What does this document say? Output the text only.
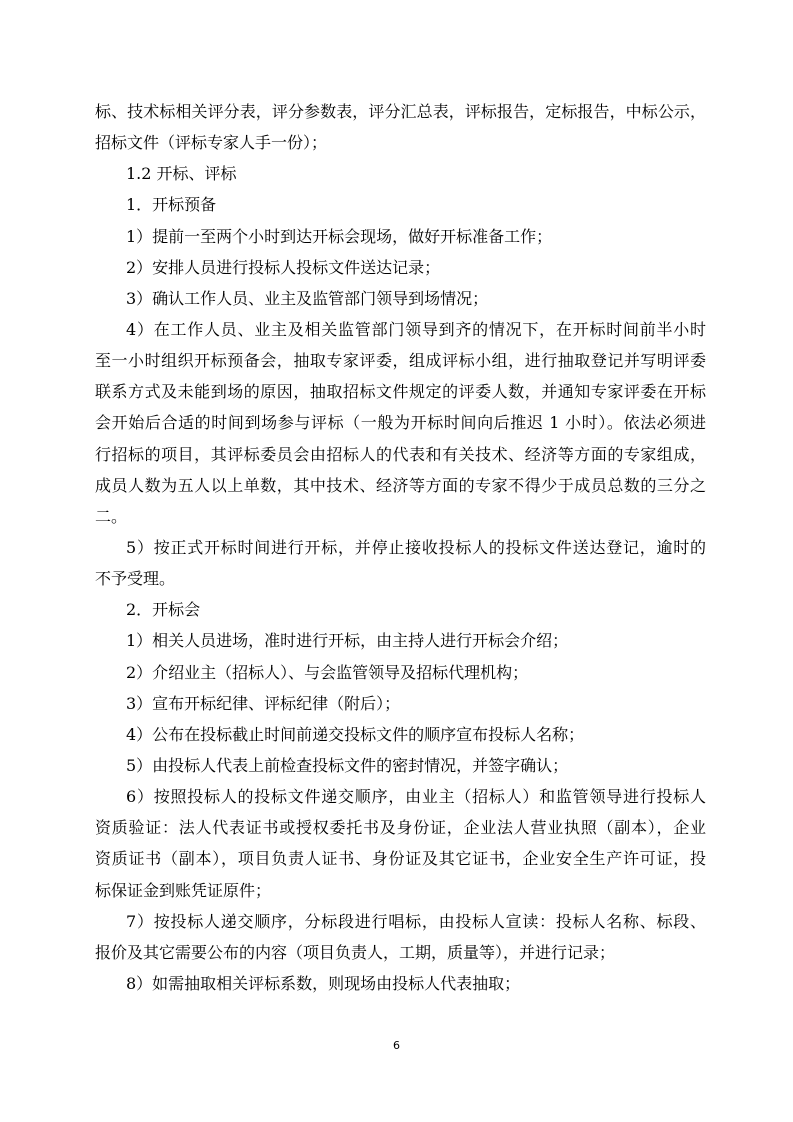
标、技术标相关评分表，评分参数表，评分汇总表，评标报告，定标报告，中标公示，
招标文件（评标专家人手一份）；
1.2 开标、评标
1．开标预备
1）提前一至两个小时到达开标会现场，做好开标准备工作；
2）安排人员进行投标人投标文件送达记录；
3）确认工作人员、业主及监管部门领导到场情况；
4）在工作人员、业主及相关监管部门领导到齐的情况下，在开标时间前半小时
至一小时组织开标预备会，抽取专家评委，组成评标小组，进行抽取登记并写明评委
联系方式及未能到场的原因，抽取招标文件规定的评委人数，并通知专家评委在开标
会开始后合适的时间到场参与评标（一般为开标时间向后推迟 1 小时）。依法必须进
行招标的项目，其评标委员会由招标人的代表和有关技术、经济等方面的专家组成，
成员人数为五人以上单数，其中技术、经济等方面的专家不得少于成员总数的三分之
二。
5）按正式开标时间进行开标，并停止接收投标人的投标文件送达登记，逾时的
不予受理。
2．开标会
1）相关人员进场，准时进行开标，由主持人进行开标会介绍；
2）介绍业主（招标人）、与会监管领导及招标代理机构；
3）宣布开标纪律、评标纪律（附后）；
4）公布在投标截止时间前递交投标文件的顺序宣布投标人名称；
5）由投标人代表上前检查投标文件的密封情况，并签字确认；
6）按照投标人的投标文件递交顺序，由业主（招标人）和监管领导进行投标人
资质验证：法人代表证书或授权委托书及身份证，企业法人营业执照（副本），企业
资质证书（副本），项目负责人证书、身份证及其它证书，企业安全生产许可证，投
标保证金到账凭证原件；
7）按投标人递交顺序，分标段进行唱标，由投标人宣读：投标人名称、标段、
报价及其它需要公布的内容（项目负责人，工期，质量等），并进行记录；
8）如需抽取相关评标系数，则现场由投标人代表抽取；
6
